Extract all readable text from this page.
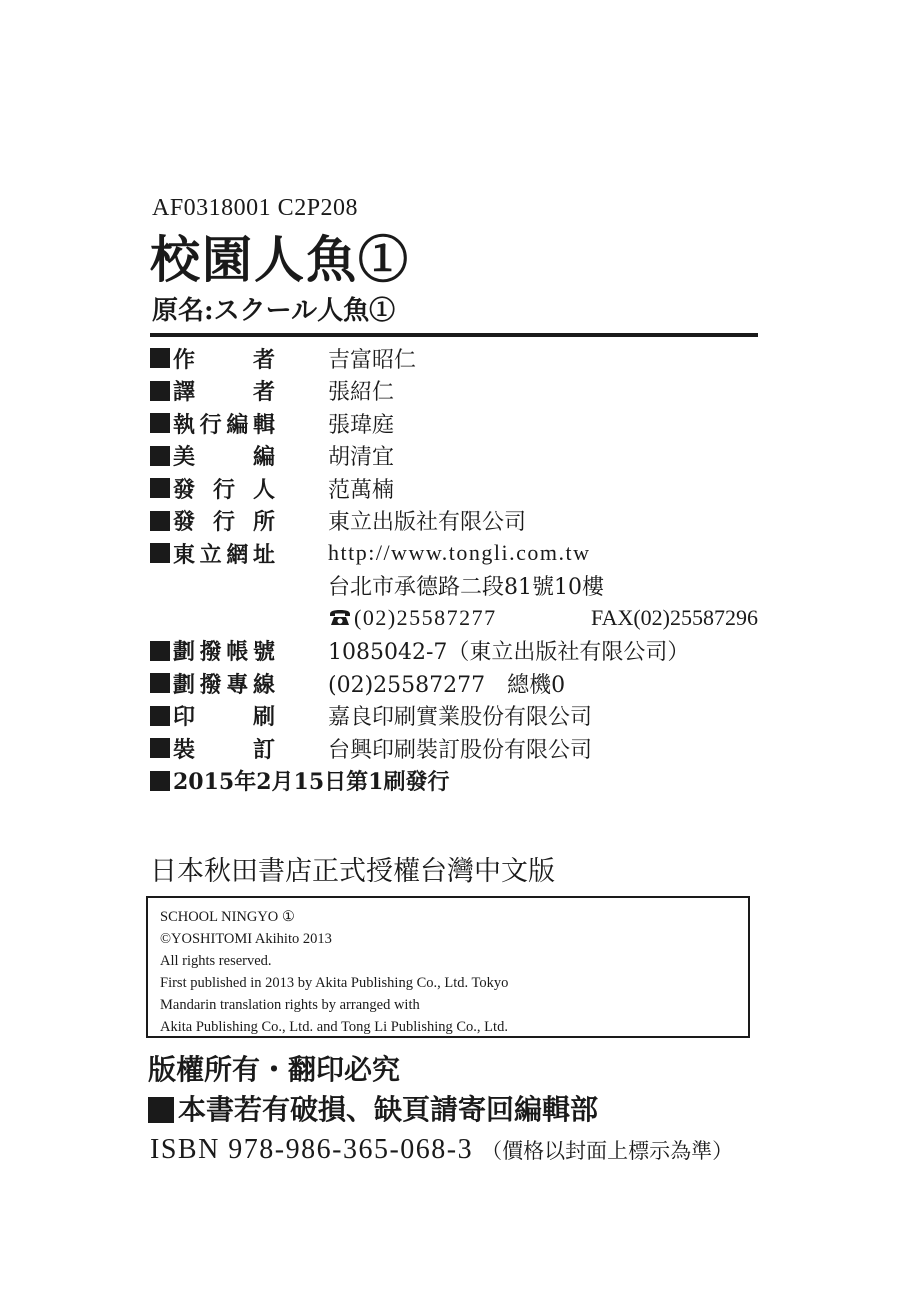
AF0318001 C2P208
校園人魚①
原名:スクール人魚①
作　　者 吉富昭仁
譯　　者 張紹仁
執行編輯 張瑋庭
美　　編 胡清宜
發 行 人 范萬楠
發 行 所 東立出版社有限公司
東立網址 http://www.tongli.com.tw
台北市承德路二段81號10樓
(02)25587277	FAX(02)25587296
劃撥帳號 1085042-7（東立出版社有限公司）
劃撥專線 (02)25587277　總機0
印　　刷 嘉良印刷實業股份有限公司
裝　　訂 台興印刷裝訂股份有限公司
2015年2月15日第1刷發行
日本秋田書店正式授權台灣中文版
SCHOOL NINGYO ①
©YOSHITOMI Akihito 2013
All rights reserved.
First published in 2013 by Akita Publishing Co., Ltd. Tokyo
Mandarin translation rights by arranged with
Akita Publishing Co., Ltd. and Tong Li Publishing Co., Ltd.
版權所有・翻印必究
本書若有破損、缺頁請寄回編輯部
ISBN 978-986-365-068-3 （價格以封面上標示為準）
